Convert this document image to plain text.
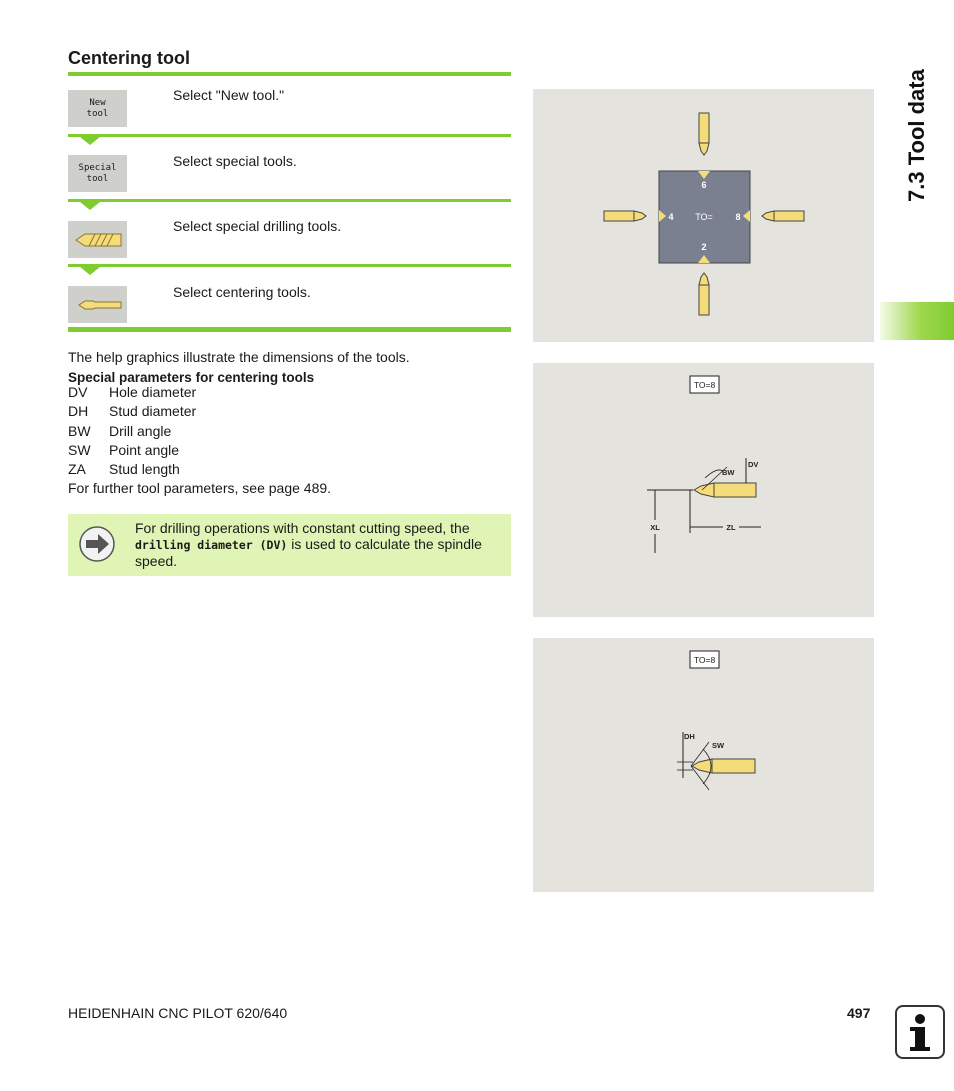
Centering tool
New
tool
Select "New tool."
Special
tool
Select special tools.
Select special drilling tools.
Select centering tools.
The help graphics illustrate the dimensions of the tools.
Special parameters for centering tools
DV Hole diameter
DH Stud diameter
BW Drill angle
SW Point angle
ZA Stud length
For further tool parameters, see page 489.
For drilling operations with constant cutting speed, the drilling diameter (DV) is used to calculate the spindle speed.
6
4 TO=	8
2
TO=8
DV
BW
XL	ZL
TO=8
DH
SW
7.3 Tool data
HEIDENHAIN CNC PILOT 620/640	497
